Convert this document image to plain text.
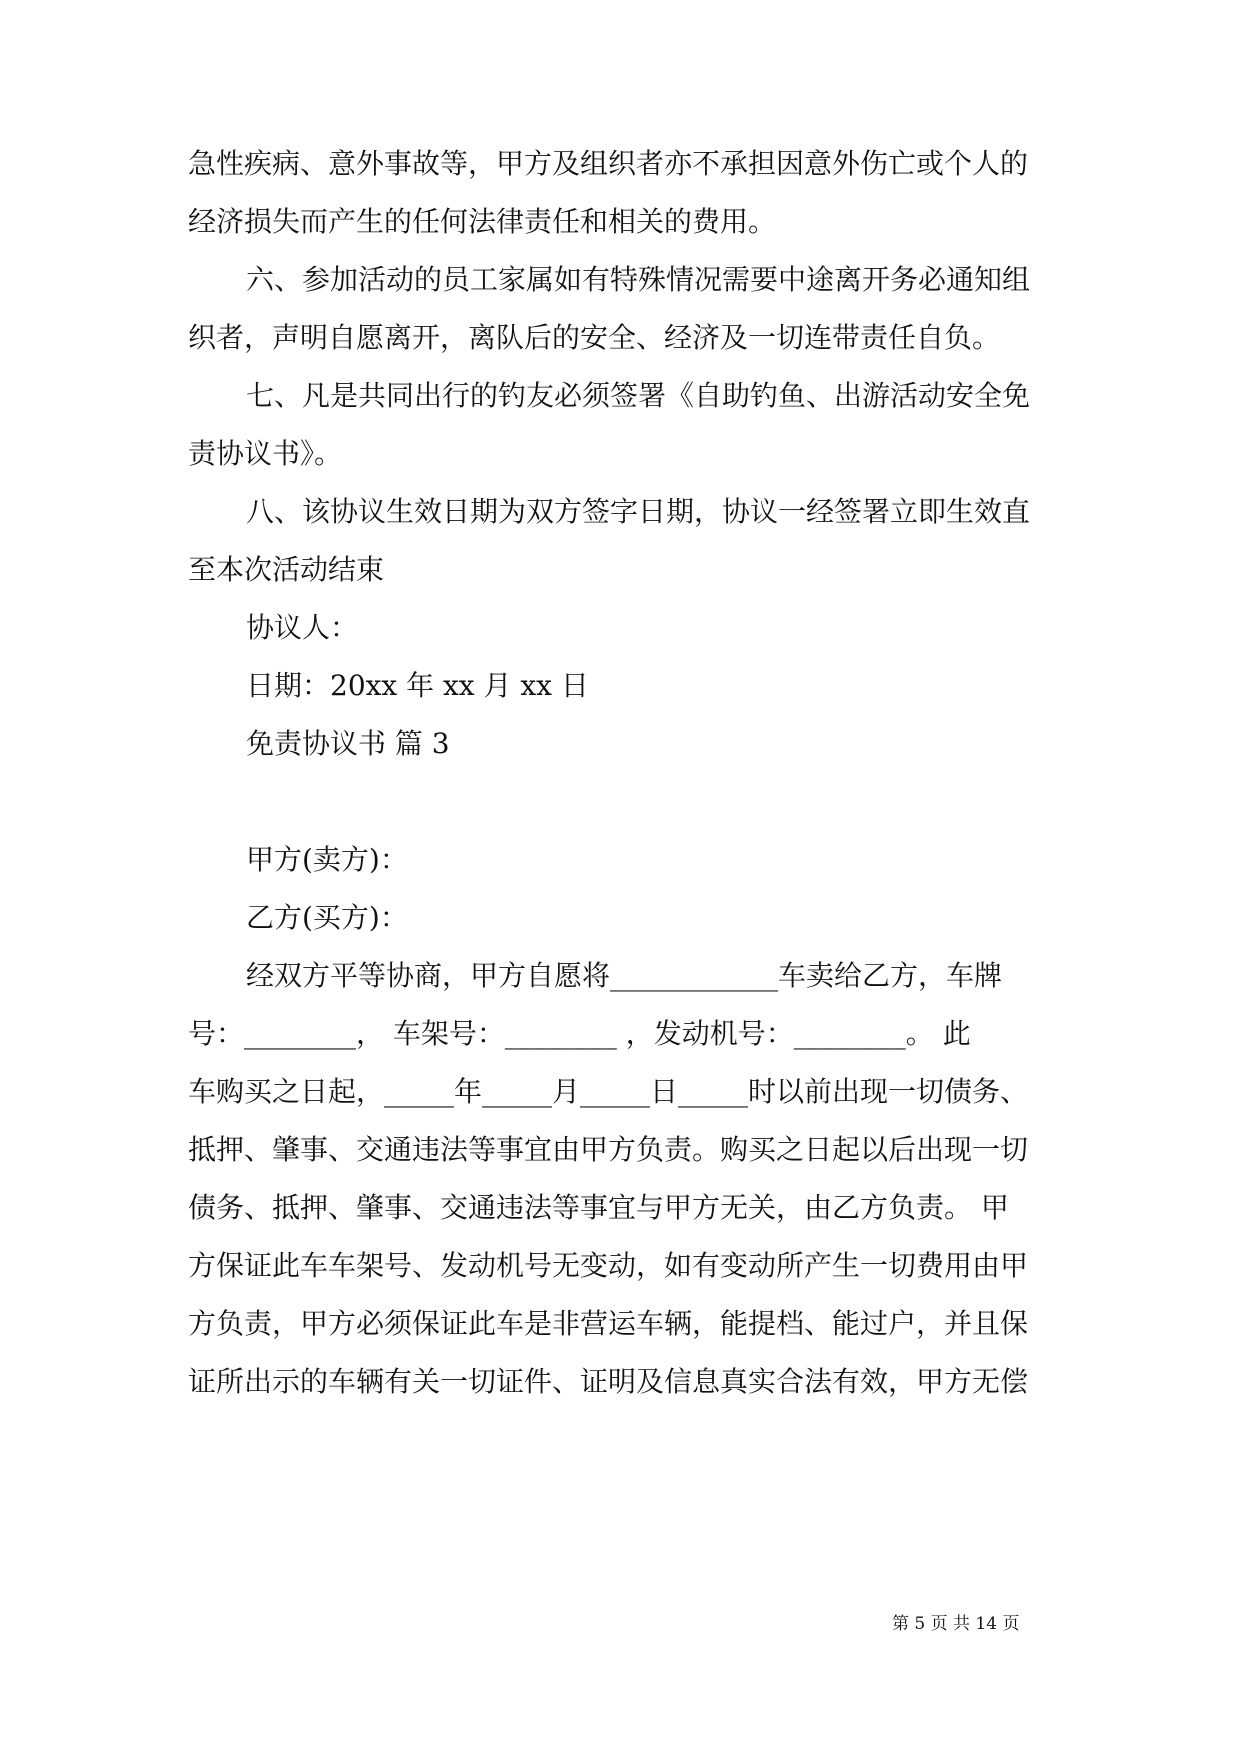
急性疾病、意外事故等，甲方及组织者亦不承担因意外伤亡或个人的
经济损失而产生的任何法律责任和相关的费用。
六、参加活动的员工家属如有特殊情况需要中途离开务必通知组
织者，声明自愿离开，离队后的安全、经济及一切连带责任自负。
七、凡是共同出行的钓友必须签署《自助钓鱼、出游活动安全免
责协议书》。
八、该协议生效日期为双方签字日期，协议一经签署立即生效直
至本次活动结束
协议人：
日期：20xx 年 xx 月 xx 日
免责协议书 篇 3
甲方(卖方)：
乙方(买方)：
经双方平等协商，甲方自愿将____________车卖给乙方，车牌
号：________， 车架号：________ ，发动机号：________。 此
车购买之日起，_____年_____月_____日_____时以前出现一切债务、
抵押、肇事、交通违法等事宜由甲方负责。购买之日起以后出现一切
债务、抵押、肇事、交通违法等事宜与甲方无关，由乙方负责。 甲
方保证此车车架号、发动机号无变动，如有变动所产生一切费用由甲
方负责，甲方必须保证此车是非营运车辆，能提档、能过户，并且保
证所出示的车辆有关一切证件、证明及信息真实合法有效，甲方无偿
第 5 页 共 14 页
